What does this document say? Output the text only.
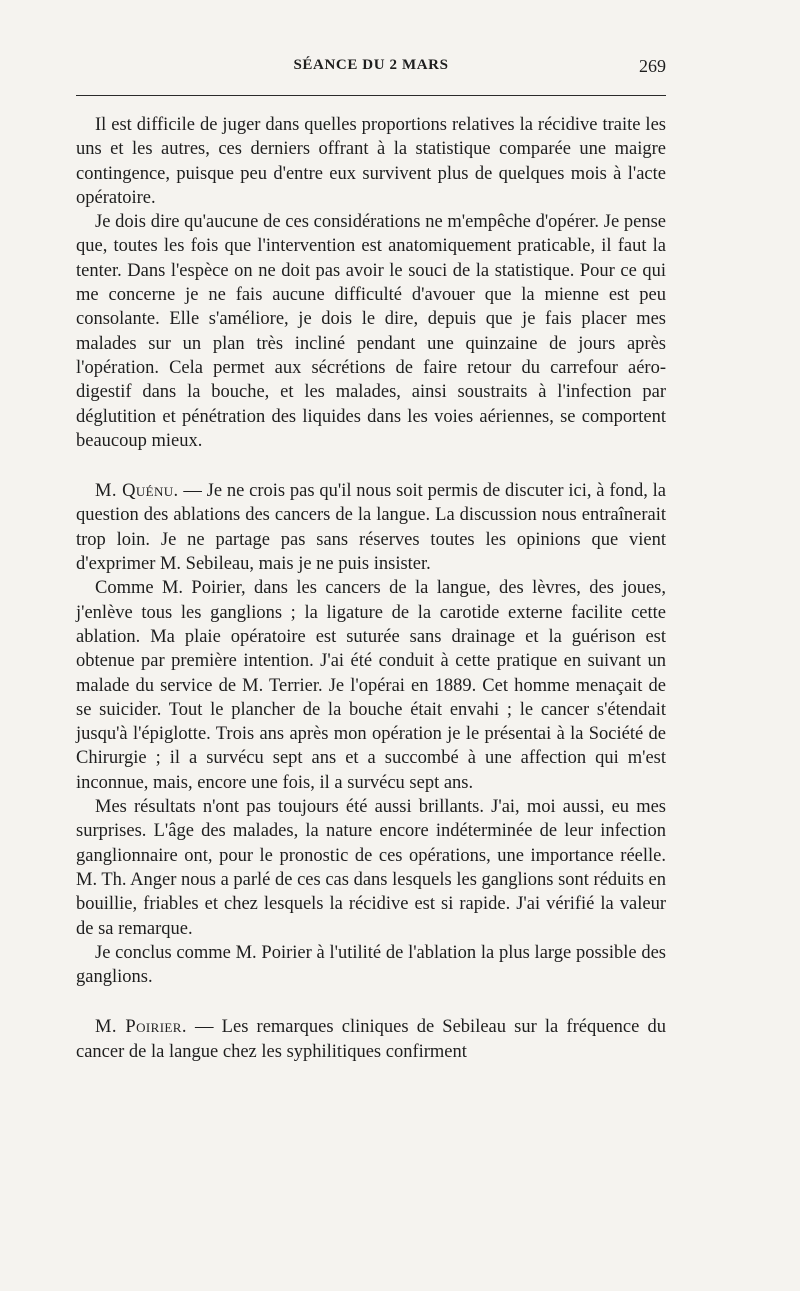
SÉANCE DU 2 MARS	269

Il est difficile de juger dans quelles proportions relatives la récidive traite les uns et les autres, ces derniers offrant à la statistique comparée une maigre contingence, puisque peu d'entre eux survivent plus de quelques mois à l'acte opératoire.

Je dois dire qu'aucune de ces considérations ne m'empêche d'opérer. Je pense que, toutes les fois que l'intervention est anatomiquement praticable, il faut la tenter. Dans l'espèce on ne doit pas avoir le souci de la statistique. Pour ce qui me concerne je ne fais aucune difficulté d'avouer que la mienne est peu consolante. Elle s'améliore, je dois le dire, depuis que je fais placer mes malades sur un plan très incliné pendant une quinzaine de jours après l'opération. Cela permet aux sécrétions de faire retour du carrefour aéro-digestif dans la bouche, et les malades, ainsi soustraits à l'infection par déglutition et pénétration des liquides dans les voies aériennes, se comportent beaucoup mieux.

M. Quénu. — Je ne crois pas qu'il nous soit permis de discuter ici, à fond, la question des ablations des cancers de la langue. La discussion nous entraînerait trop loin. Je ne partage pas sans réserves toutes les opinions que vient d'exprimer M. Sebileau, mais je ne puis insister.

Comme M. Poirier, dans les cancers de la langue, des lèvres, des joues, j'enlève tous les ganglions ; la ligature de la carotide externe facilite cette ablation. Ma plaie opératoire est suturée sans drainage et la guérison est obtenue par première intention. J'ai été conduit à cette pratique en suivant un malade du service de M. Terrier. Je l'opérai en 1889. Cet homme menaçait de se suicider. Tout le plancher de la bouche était envahi ; le cancer s'étendait jusqu'à l'épiglotte. Trois ans après mon opération je le présentai à la Société de Chirurgie ; il a survécu sept ans et a succombé à une affection qui m'est inconnue, mais, encore une fois, il a survécu sept ans.

Mes résultats n'ont pas toujours été aussi brillants. J'ai, moi aussi, eu mes surprises. L'âge des malades, la nature encore indéterminée de leur infection ganglionnaire ont, pour le pronostic de ces opérations, une importance réelle. M. Th. Anger nous a parlé de ces cas dans lesquels les ganglions sont réduits en bouillie, friables et chez lesquels la récidive est si rapide. J'ai vérifié la valeur de sa remarque.

Je conclus comme M. Poirier à l'utilité de l'ablation la plus large possible des ganglions.

M. Poirier. — Les remarques cliniques de Sebileau sur la fréquence du cancer de la langue chez les syphilitiques confirment
